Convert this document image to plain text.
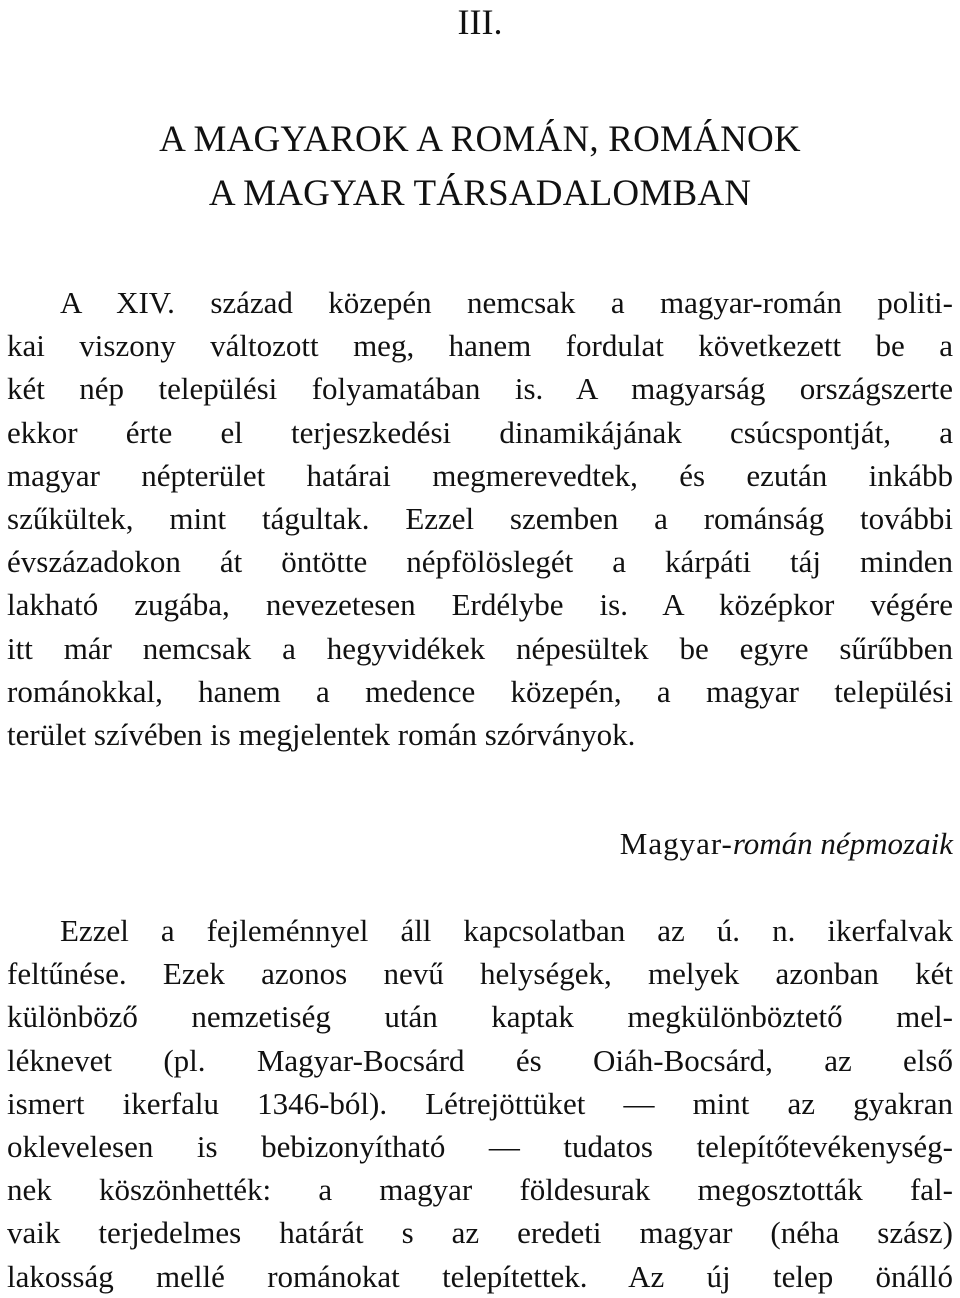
III.
A MAGYAROK A ROMÁN, ROMÁNOK
A MAGYAR TÁRSADALOMBAN
A XIV. század közepén nemcsak a magyar-román politi-
kai viszony változott meg, hanem fordulat következett be a
két nép települési folyamatában is. A magyarság országszerte
ekkor érte el terjeszkedési dinamikájának csúcspontját, a
magyar népterület határai megmerevedtek, és ezután inkább
szűkültek, mint tágultak. Ezzel szemben a románság további
évszázadokon át öntötte népfölöslegét a kárpáti táj minden
lakható zugába, nevezetesen Erdélybe is. A középkor végére
itt már nemcsak a hegyvidékek népesültek be egyre sűrűbben
románokkal, hanem a medence közepén, a magyar települési
terület szívében is megjelentek román szórványok.
Magyar-román népmozaik
Ezzel a fejleménnyel áll kapcsolatban az ú. n. ikerfalvak
feltűnése. Ezek azonos nevű helységek, melyek azonban két
különböző nemzetiség után kaptak megkülönböztető mel-
léknevet (pl. Magyar-Bocsárd és Oiáh-Bocsárd, az első
ismert ikerfalu 1346-ból). Létrejöttüket — mint az gyakran
oklevelesen is bebizonyítható — tudatos telepítőtevékenység-
nek köszönhették: a magyar földesurak megosztották fal-
vaik terjedelmes határát s az eredeti magyar (néha szász)
lakosság mellé románokat telepítettek. Az új telep önálló
